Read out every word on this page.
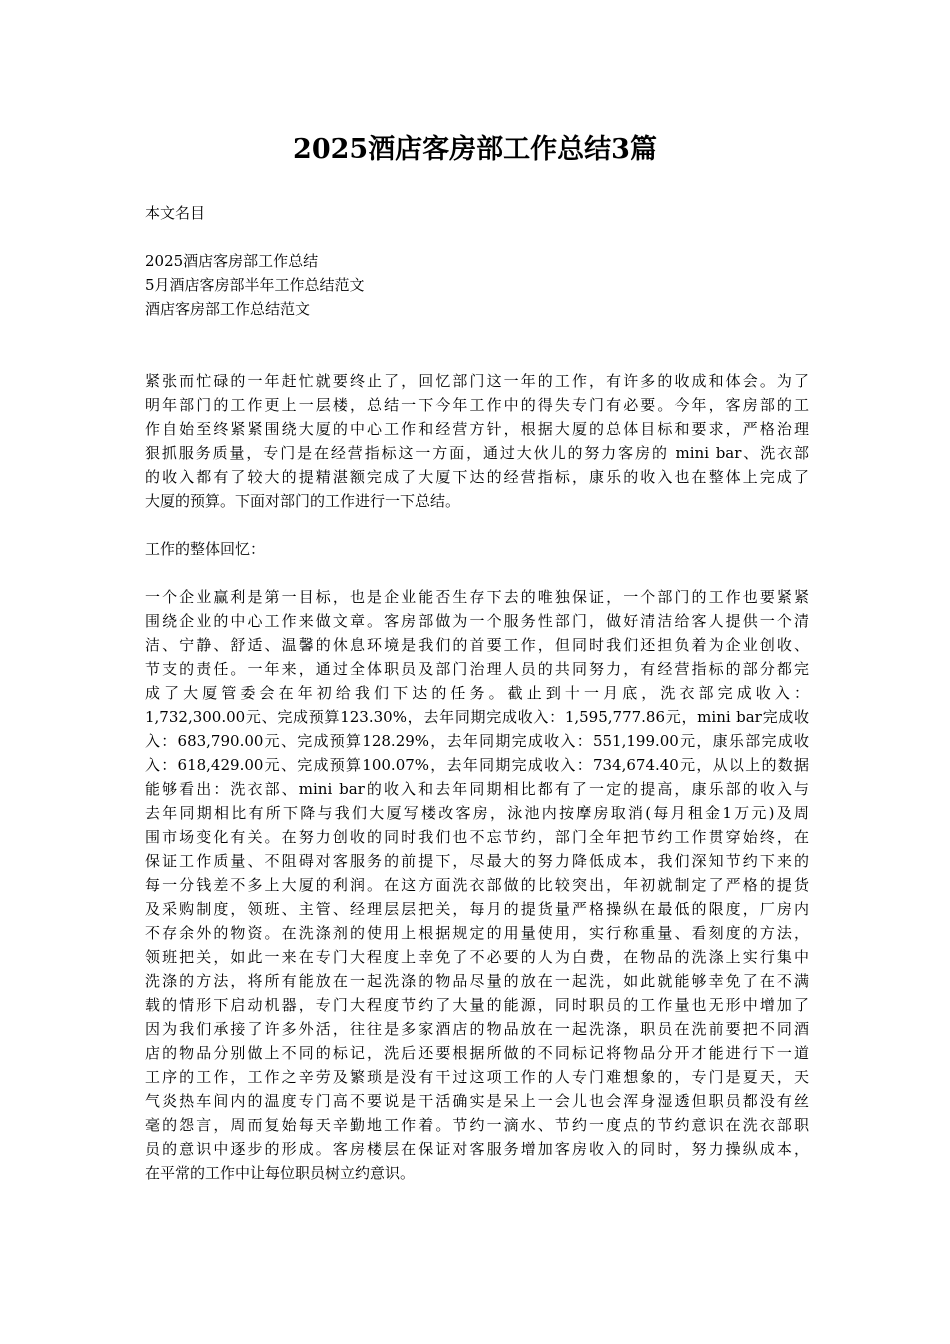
2025酒店客房部工作总结3篇
本文名目
2025酒店客房部工作总结
5月酒店客房部半年工作总结范文
酒店客房部工作总结范文
紧张而忙碌的一年赶忙就要终止了，回忆部门这一年的工作，有许多的收成和体会。为了
明年部门的工作更上一层楼，总结一下今年工作中的得失专门有必要。今年，客房部的工
作自始至终紧紧围绕大厦的中心工作和经营方针，根据大厦的总体目标和要求，严格治理
狠抓服务质量，专门是在经营指标这一方面，通过大伙儿的努力客房的 mini bar、洗衣部
的收入都有了较大的提精湛额完成了大厦下达的经营指标，康乐的收入也在整体上完成了
大厦的预算。下面对部门的工作进行一下总结。
工作的整体回忆：
一个企业赢利是第一目标，也是企业能否生存下去的唯独保证，一个部门的工作也要紧紧
围绕企业的中心工作来做文章。客房部做为一个服务性部门，做好清洁给客人提供一个清
洁、宁静、舒适、温馨的休息环境是我们的首要工作，但同时我们还担负着为企业创收、
节支的责任。一年来，通过全体职员及部门治理人员的共同努力，有经营指标的部分都完
成了大厦管委会在年初给我们下达的任务。截止到十一月底，洗衣部完成收入：
1,732,300.00元、完成预算123.30%，去年同期完成收入：1,595,777.86元，mini bar完成收
入：683,790.00元、完成预算128.29%，去年同期完成收入：551,199.00元，康乐部完成收
入：618,429.00元、完成预算100.07%，去年同期完成收入：734,674.40元，从以上的数据
能够看出：洗衣部、mini bar的收入和去年同期相比都有了一定的提高，康乐部的收入与
去年同期相比有所下降与我们大厦写楼改客房，泳池内按摩房取消(每月租金1万元)及周
围市场变化有关。在努力创收的同时我们也不忘节约，部门全年把节约工作贯穿始终，在
保证工作质量、不阻碍对客服务的前提下，尽最大的努力降低成本，我们深知节约下来的
每一分钱差不多上大厦的利润。在这方面洗衣部做的比较突出，年初就制定了严格的提货
及采购制度，领班、主管、经理层层把关，每月的提货量严格操纵在最低的限度，厂房内
不存余外的物资。在洗涤剂的使用上根据规定的用量使用，实行称重量、看刻度的方法，
领班把关，如此一来在专门大程度上幸免了不必要的人为白费，在物品的洗涤上实行集中
洗涤的方法，将所有能放在一起洗涤的物品尽量的放在一起洗，如此就能够幸免了在不满
载的情形下启动机器，专门大程度节约了大量的能源，同时职员的工作量也无形中增加了
因为我们承接了许多外活，往往是多家酒店的物品放在一起洗涤，职员在洗前要把不同酒
店的物品分别做上不同的标记，洗后还要根据所做的不同标记将物品分开才能进行下一道
工序的工作，工作之辛劳及繁琐是没有干过这项工作的人专门难想象的，专门是夏天，天
气炎热车间内的温度专门高不要说是干活确实是呆上一会儿也会浑身湿透但职员都没有丝
毫的怨言，周而复始每天辛勤地工作着。节约一滴水、节约一度点的节约意识在洗衣部职
员的意识中逐步的形成。客房楼层在保证对客服务增加客房收入的同时，努力操纵成本，
在平常的工作中让每位职员树立约意识。
